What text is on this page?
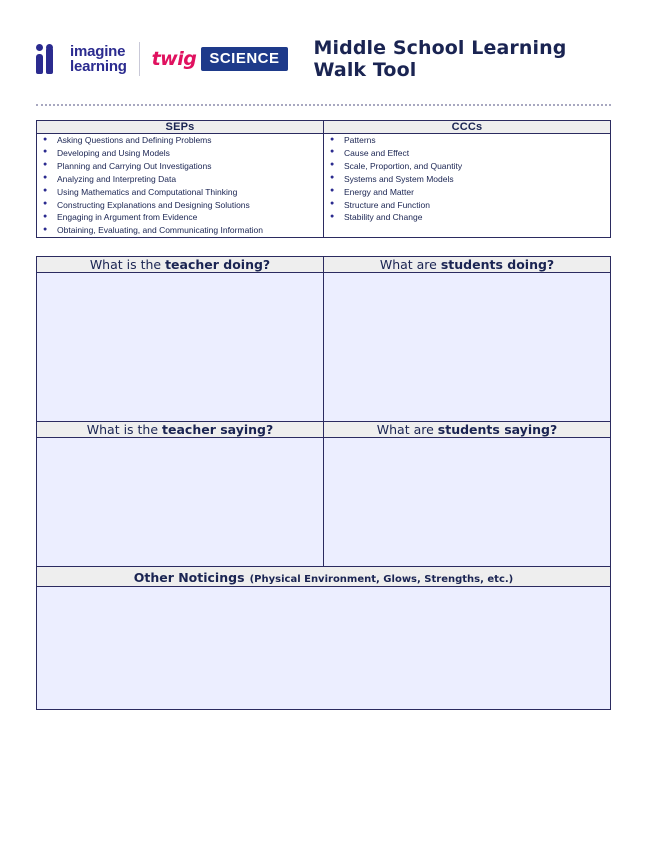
imagine
learning twig SCIENCE	Middle School Learning Walk Tool
SEPs	CCCs

● Asking Questions and Defining Problems
● Developing and Using Models
● Planning and Carrying Out Investigations
● Analyzing and Interpreting Data
● Using Mathematics and Computational Thinking
● Constructing Explanations and Designing Solutions
● Engaging in Argument from Evidence
● Obtaining, Evaluating, and Communicating Information

● Patterns
● Cause and Effect
● Scale, Proportion, and Quantity
● Systems and System Models
● Energy and Matter
● Structure and Function
● Stability and Change
What is the teacher doing?	What are students doing?

What is the teacher saying?	What are students saying?

Other Noticings (Physical Environment, Glows, Strengths, etc.)	
